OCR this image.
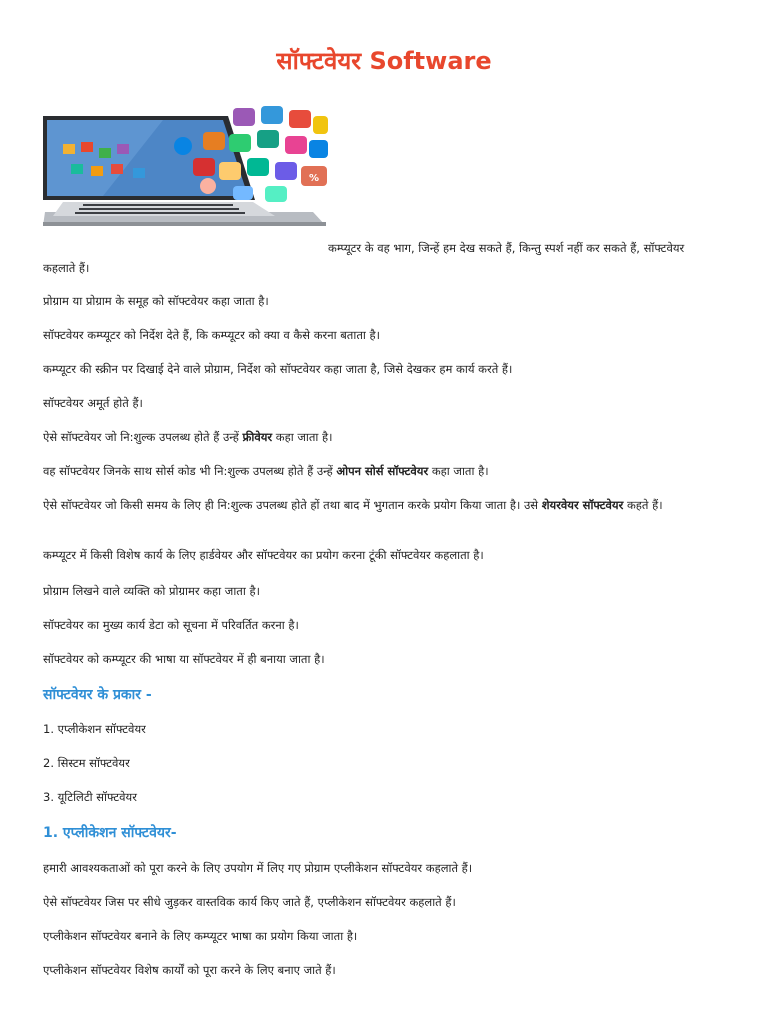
सॉफ्टवेयर Software
%

कम्प्यूटर के वह भाग, जिन्हें हम देख सकते हैं, किन्तु स्पर्श नहीं कर सकते हैं, सॉफ्टवेयर

कहलाते हैं।

प्रोग्राम या प्रोग्राम के समूह को सॉफ्टवेयर कहा जाता है।

सॉफ्टवेयर कम्प्यूटर को निर्देश देते हैं, कि कम्प्यूटर को क्या व कैसे करना बताता है।

कम्प्यूटर की स्क्रीन पर दिखाई देने वाले प्रोग्राम, निर्देश को सॉफ्टवेयर कहा जाता है, जिसे देखकर हम कार्य करते हैं।

सॉफ्टवेयर अमूर्त होते हैं।

ऐसे सॉफ्टवेयर जो नि:शुल्क उपलब्ध होते हैं उन्हें फ्रीवेयर कहा जाता है।

वह सॉफ्टवेयर जिनके साथ सोर्स कोड भी नि:शुल्क उपलब्ध होते हैं उन्हें ओपन सोर्स सॉफ्टवेयर कहा जाता है।

ऐसे सॉफ्टवेयर जो किसी समय के लिए ही नि:शुल्क उपलब्ध होते हों तथा बाद में भुगतान करके प्रयोग किया जाता है। उसे शेयरवेयर सॉफ्टवेयर कहते हैं।

कम्प्यूटर में किसी विशेष कार्य के लिए हार्डवेयर और सॉफ्टवेयर का प्रयोग करना टूंकी सॉफ्टवेयर कहलाता है।

प्रोग्राम लिखने वाले व्यक्ति को प्रोग्रामर कहा जाता है।

सॉफ्टवेयर का मुख्य कार्य डेटा को सूचना में परिवर्तित करना है।

सॉफ्टवेयर को कम्प्यूटर की भाषा या सॉफ्टवेयर में ही बनाया जाता है।

सॉफ्टवेयर के प्रकार -

1. एप्लीकेशन सॉफ्टवेयर

2. सिस्टम सॉफ्टवेयर

3. यूटिलिटी सॉफ्टवेयर

1. एप्लीकेशन सॉफ्टवेयर-

हमारी आवश्यकताओं को पूरा करने के लिए उपयोग में लिए गए प्रोग्राम एप्लीकेशन सॉफ्टवेयर कहलाते हैं।

ऐसे सॉफ्टवेयर जिस पर सीधे जुड़कर वास्तविक कार्य किए जाते हैं, एप्लीकेशन सॉफ्टवेयर कहलाते हैं।

एप्लीकेशन सॉफ्टवेयर बनाने के लिए कम्प्यूटर भाषा का प्रयोग किया जाता है।

एप्लीकेशन सॉफ्टवेयर विशेष कार्यों को पूरा करने के लिए बनाए जाते हैं।
